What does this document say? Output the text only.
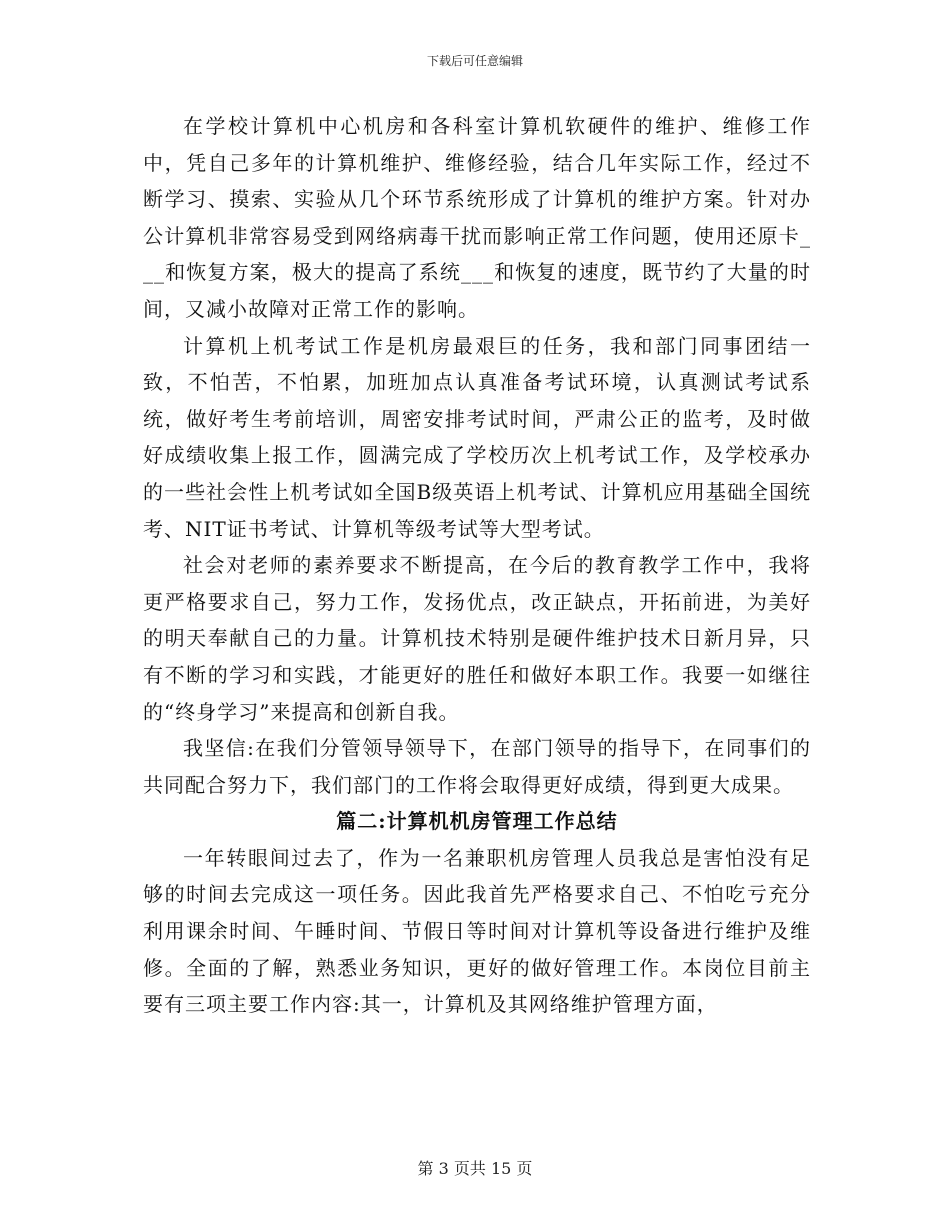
下载后可任意编辑

在学校计算机中心机房和各科室计算机软硬件的维护、维修工作中，凭自己多年的计算机维护、维修经验，结合几年实际工作，经过不断学习、摸索、实验从几个环节系统形成了计算机的维护方案。针对办公计算机非常容易受到网络病毒干扰而影响正常工作问题，使用还原卡___和恢复方案，极大的提高了系统___和恢复的速度，既节约了大量的时间，又减小故障对正常工作的影响。

计算机上机考试工作是机房最艰巨的任务，我和部门同事团结一致，不怕苦，不怕累，加班加点认真准备考试环境，认真测试考试系统，做好考生考前培训，周密安排考试时间，严肃公正的监考，及时做好成绩收集上报工作，圆满完成了学校历次上机考试工作，及学校承办的一些社会性上机考试如全国B级英语上机考试、计算机应用基础全国统考、NIT证书考试、计算机等级考试等大型考试。

社会对老师的素养要求不断提高，在今后的教育教学工作中，我将更严格要求自己，努力工作，发扬优点，改正缺点，开拓前进，为美好的明天奉献自己的力量。计算机技术特别是硬件维护技术日新月异，只有不断的学习和实践，才能更好的胜任和做好本职工作。我要一如继往的“终身学习”来提高和创新自我。

我坚信:在我们分管领导领导下，在部门领导的指导下，在同事们的共同配合努力下，我们部门的工作将会取得更好成绩，得到更大成果。

篇二:计算机机房管理工作总结

一年转眼间过去了，作为一名兼职机房管理人员我总是害怕没有足够的时间去完成这一项任务。因此我首先严格要求自己、不怕吃亏充分利用课余时间、午睡时间、节假日等时间对计算机等设备进行维护及维修。全面的了解，熟悉业务知识，更好的做好管理工作。本岗位目前主要有三项主要工作内容:其一，计算机及其网络维护管理方面，

第 3 页共 15 页
